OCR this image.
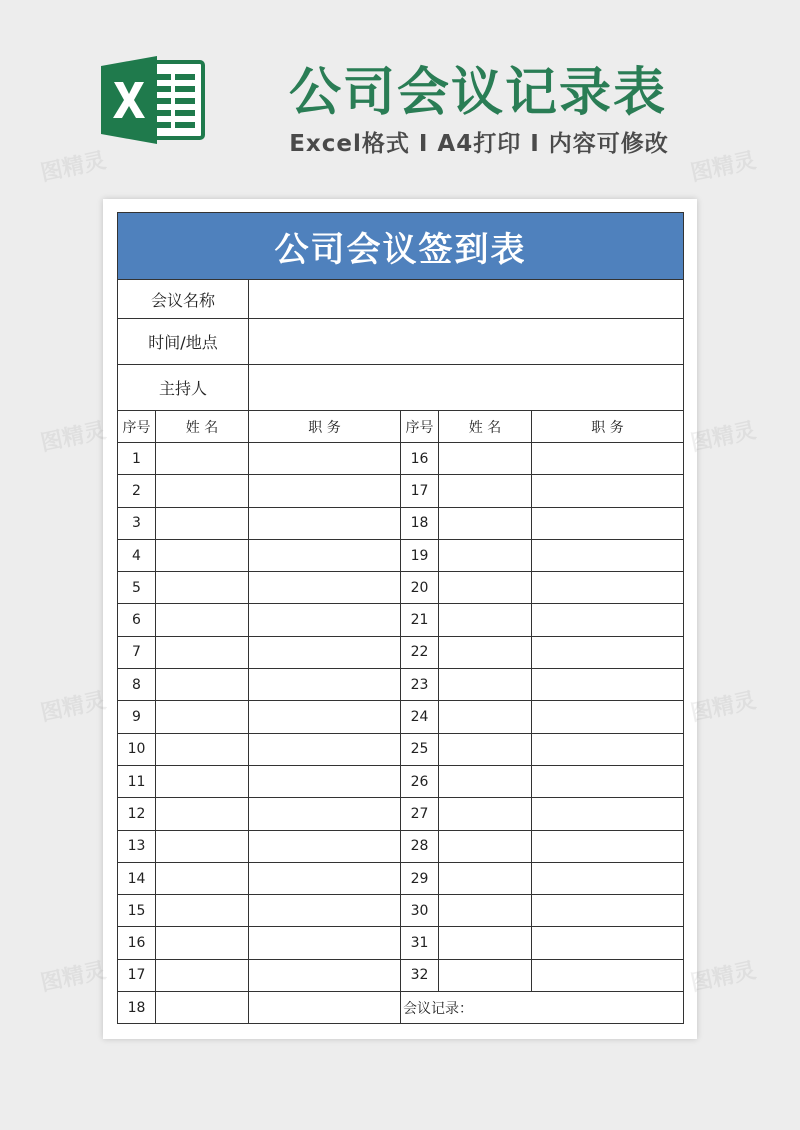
公司会议记录表
Excel格式 I A4打印 I 内容可修改
公司会议签到表					
会议名称					
时间/地点					
主持人					
序号	姓 名	职 务	序号	姓 名	职 务
1			16		
2			17		
3			18		
4			19		
5			20		
6			21		
7			22		
8			23		
9			24		
10			25		
11			26		
12			27		
13			28		
14			29		
15			30		
16			31		
17			32		
18			会议记录：		
图精灵	图精灵
图精灵	图精灵
图精灵	图精灵
图精灵	图精灵
